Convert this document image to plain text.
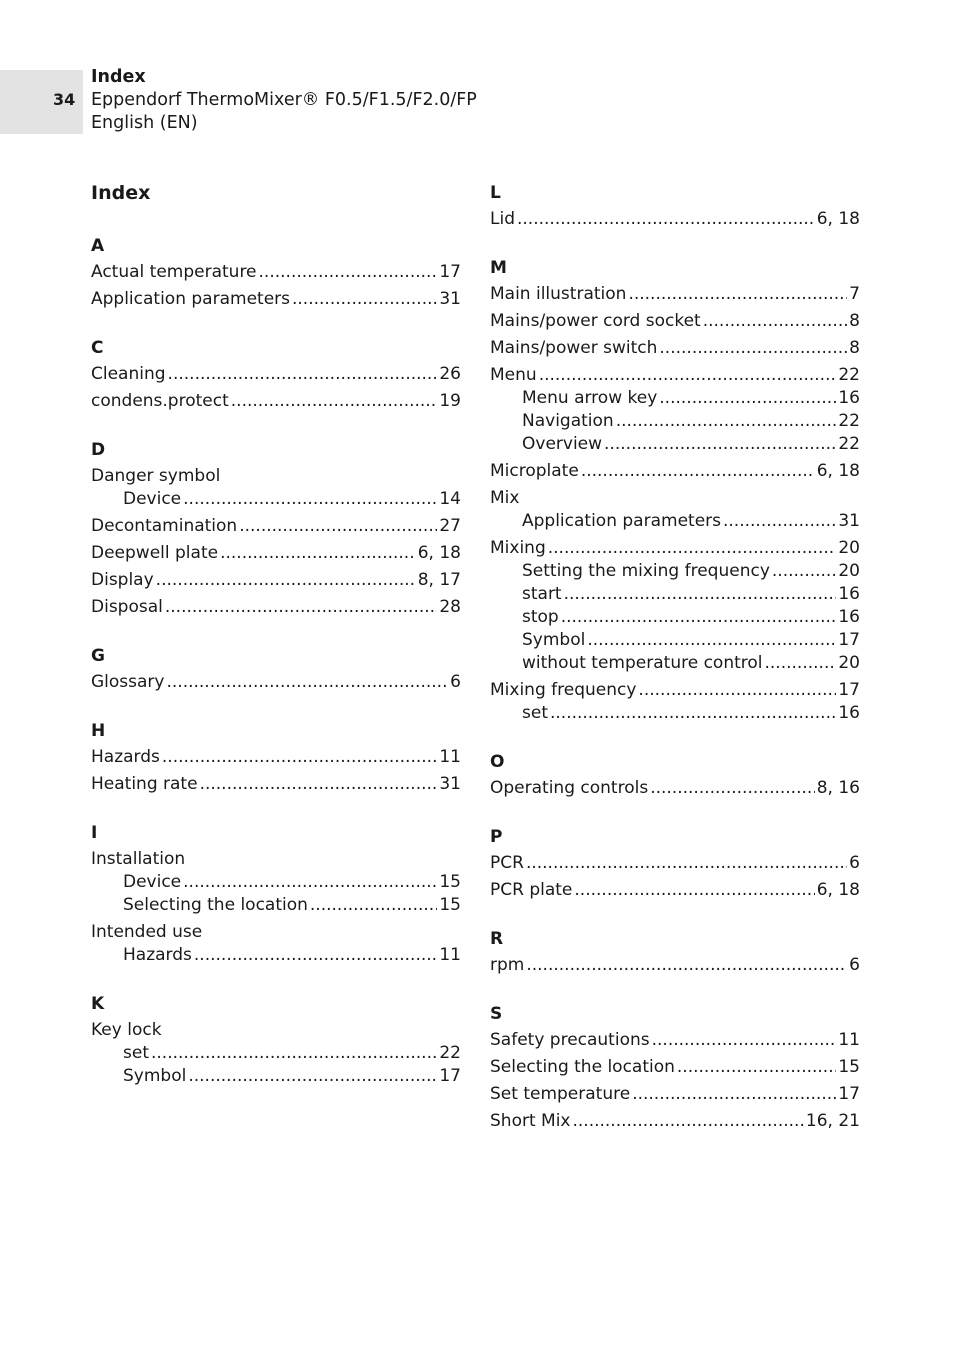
34
Index
Eppendorf ThermoMixer® F0.5/F1.5/F2.0/FP
English (EN)
Index
A
Actual temperature .....	17
Application parameters .....	31
C
Cleaning .....	26
condens.protect .....	19
D
Danger symbol
Device .....	14
Decontamination .....	27
Deepwell plate .....	6, 18
Display .....	8, 17
Disposal .....	28
G
Glossary .....	6
H
Hazards .....	11
Heating rate .....	31
I
Installation
Device .....	15
Selecting the location .....	15
Intended use
Hazards .....	11
K
Key lock
set .....	22
Symbol .....	17
L
Lid .....	6, 18
M
Main illustration .....	7
Mains/power cord socket .....	8
Mains/power switch .....	8
Menu .....	22
Menu arrow key .....	16
Navigation .....	22
Overview .....	22
Microplate .....	6, 18
Mix
Application parameters .....	31
Mixing .....	20
Setting the mixing frequency .....	20
start .....	16
stop .....	16
Symbol .....	17
without temperature control .....	20
Mixing frequency .....	17
set .....	16
O
Operating controls .....	8, 16
P
PCR .....	6
PCR plate .....	6, 18
R
rpm .....	6
S
Safety precautions .....	11
Selecting the location .....	15
Set temperature .....	17
Short Mix .....	16, 21
